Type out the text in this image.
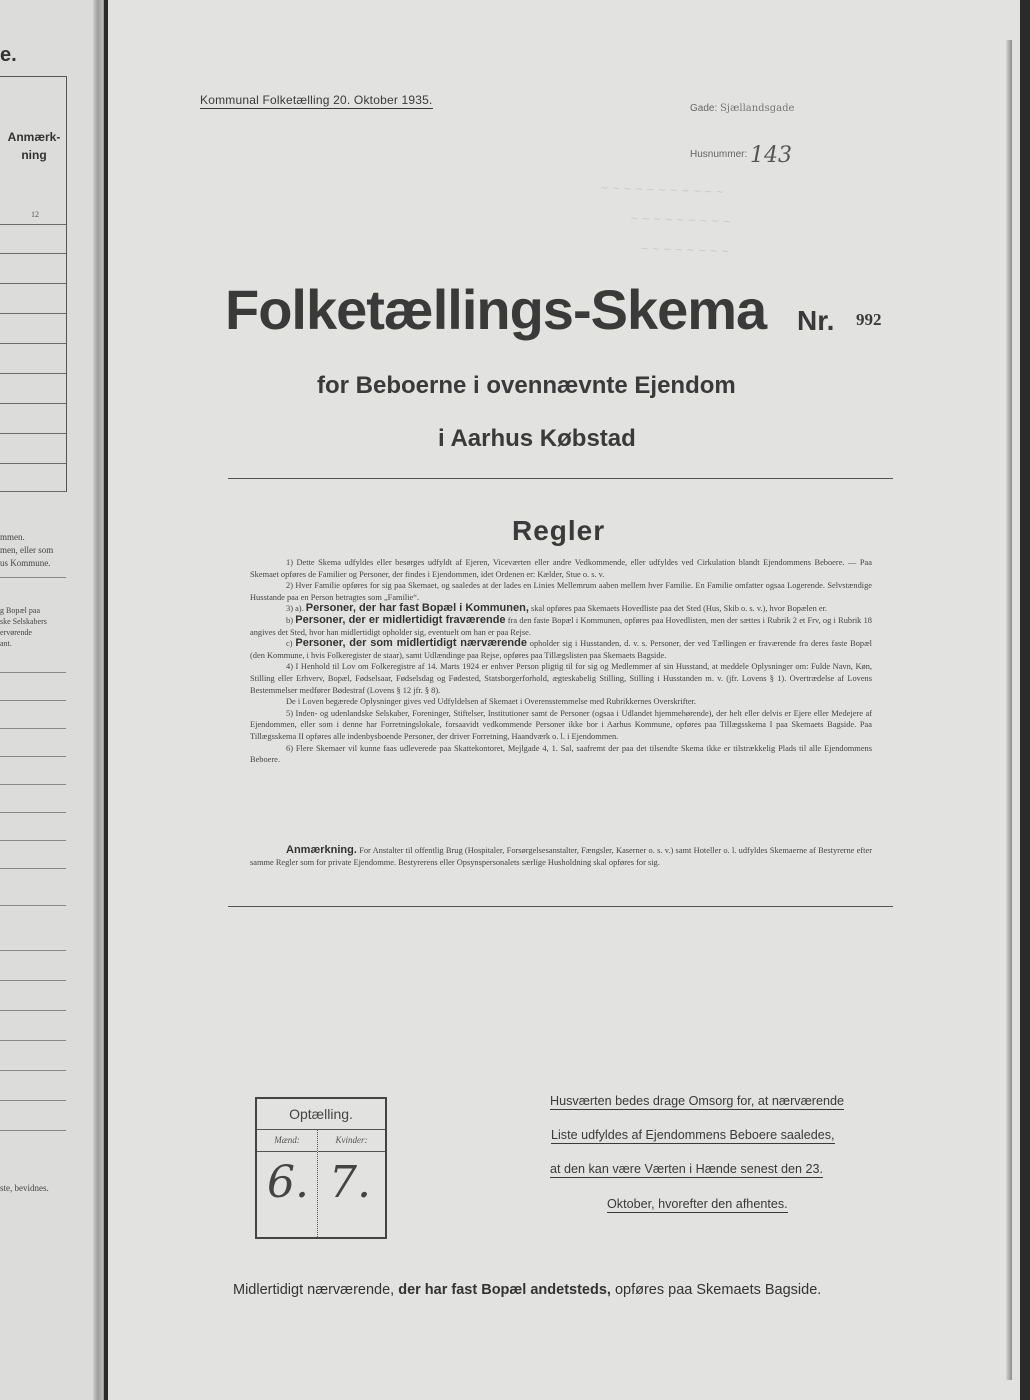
e.
Anmærk-ning
12
mmen.
men, eller som
us Kommune.
g Bopæl paa
ske Selskabers
ervørende
ant.
ste, bevidnes.
~ ~ ~ ~ ~ ~ ~ ~ ~ ~ ~
~ ~ ~ ~ ~ ~ ~ ~ ~
~ ~ ~ ~ ~ ~ ~ ~
Kommunal Folketælling 20. Oktober 1935.
Gade: Sjællandsgade
Husnummer: 143
Folketællings-Skema Nr. 992
for Beboerne i ovennævnte Ejendom
i Aarhus Købstad
Regler

1) Dette Skema udfyldes eller besørges udfyldt af Ejeren, Viceværten eller andre Vedkommende, eller udfyldes ved Cirkulation blandt Ejendommens Beboere. — Paa Skemaet opføres de Familier og Personer, der findes i Ejendommen, idet Ordenen er: Kælder, Stue o. s. v.

2) Hver Familie opføres for sig paa Skemaet, og saaledes at der lades en Linies Mellemrum aaben mellem hver Familie. En Familie omfatter ogsaa Logerende. Selvstændige Husstande paa en Person betragtes som „Familie“.

3) a). Personer, der har fast Bopæl i Kommunen, skal opføres paa Skemaets Hovedliste paa det Sted (Hus, Skib o. s. v.), hvor Bopælen er.

b) Personer, der er midlertidigt fraværende fra den faste Bopæl i Kommunen, opføres paa Hovedlisten, men der sættes i Rubrik 2 et Frv, og i Rubrik 18 angives det Sted, hvor han midlertidigt opholder sig, eventuelt om han er paa Rejse.

c) Personer, der som midlertidigt nærværende opholder sig i Husstanden, d. v. s. Personer, der ved Tællingen er fraværende fra deres faste Bopæl (den Kommune, i hvis Folkeregister de staar), samt Udlændinge paa Rejse, opføres paa Tillægslisten paa Skemaets Bagside.

4) I Henhold til Lov om Folkeregistre af 14. Marts 1924 er enhver Person pligtig til for sig og Medlemmer af sin Husstand, at meddele Oplysninger om: Fulde Navn, Køn, Stilling eller Erhverv, Bopæl, Fødselsaar, Fødselsdag og Fødested, Statsborgerforhold, ægteskabelig Stilling, Stilling i Husstanden m. v. (jfr. Lovens § 1). Overtrædelse af Lovens Bestemmelser medfører Bødestraf (Lovens § 12 jfr. § 8).

De i Loven begærede Oplysninger gives ved Udfyldelsen af Skemaet i Overensstemmelse med Rubrikkernes Overskrifter.

5) Inden- og udenlandske Selskaber, Foreninger, Stiftelser, Institutioner samt de Personer (ogsaa i Udlandet hjemmehørende), der helt eller delvis er Ejere eller Medejere af Ejendommen, eller som i denne har Forretningslokale, forsaavidt vedkommende Personer ikke bor i Aarhus Kommune, opføres paa Tillægsskema I paa Skemaets Bagside. Paa Tillægsskema II opføres alle indenbysboende Personer, der driver Forretning, Haandværk o. l. i Ejendommen.

6) Flere Skemaer vil kunne faas udleverede paa Skattekontoret, Mejlgade 4, 1. Sal, saafremt der paa det tilsendte Skema ikke er tilstrækkelig Plads til alle Ejendommens Beboere.

Anmærkning. For Anstalter til offentlig Brug (Hospitaler, Forsørgelsesanstalter, Fængsler, Kaserner o. s. v.) samt Hoteller o. l. udfyldes Skemaerne af Bestyrerne efter samme Regler som for private Ejendomme. Bestyrerens eller Opsynspersonalets særlige Husholdning skal opføres for sig.
Optælling.
Mænd:	Kvinder:
6. 7.
Husværten bedes drage Omsorg for, at nærværende
Liste udfyldes af Ejendommens Beboere saaledes,
at den kan være Værten i Hænde senest den 23.
Oktober, hvorefter den afhentes.
Midlertidigt nærværende, der har fast Bopæl andetsteds, opføres paa Skemaets Bagside.
